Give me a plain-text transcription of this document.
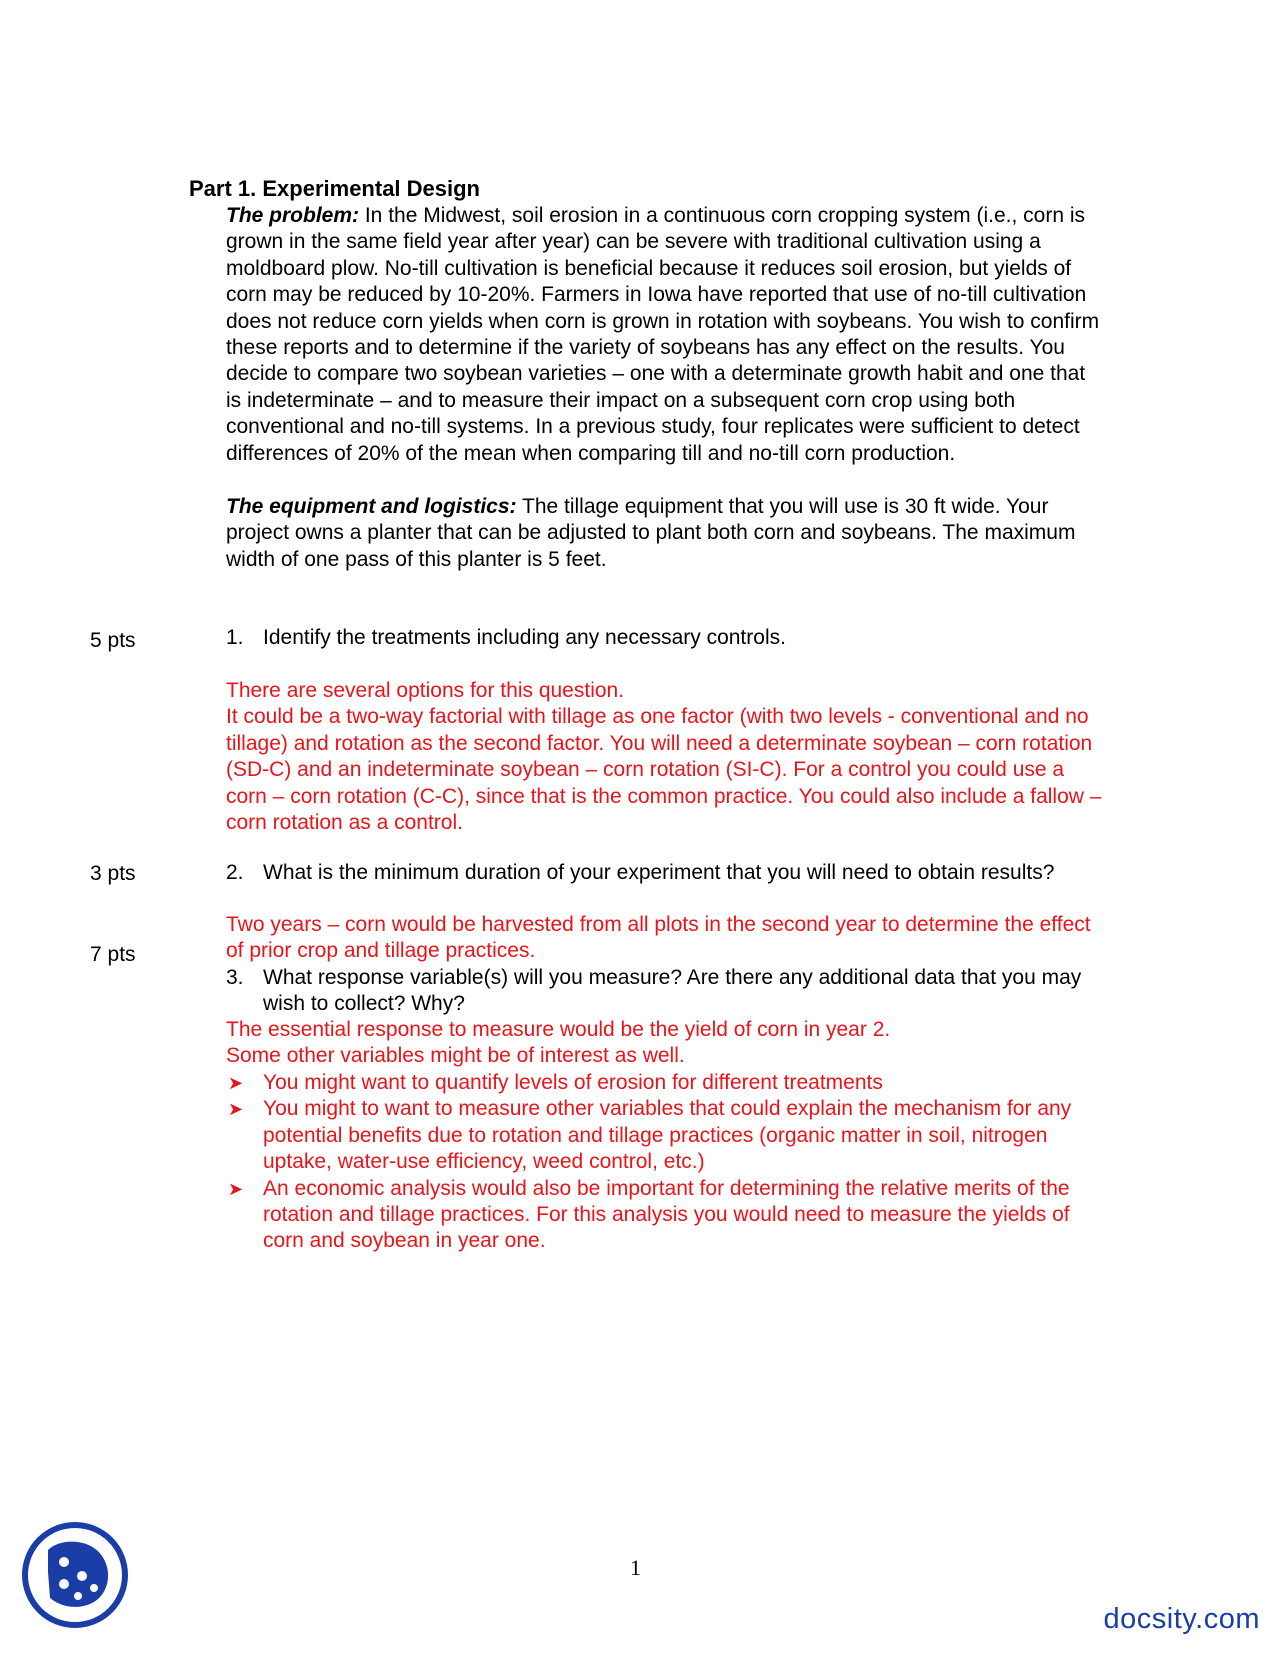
Part 1. Experimental Design
The problem: In the Midwest, soil erosion in a continuous corn cropping system (i.e., corn is grown in the same field year after year) can be severe with traditional cultivation using a moldboard plow. No-till cultivation is beneficial because it reduces soil erosion, but yields of corn may be reduced by 10-20%. Farmers in Iowa have reported that use of no-till cultivation does not reduce corn yields when corn is grown in rotation with soybeans. You wish to confirm these reports and to determine if the variety of soybeans has any effect on the results. You decide to compare two soybean varieties – one with a determinate growth habit and one that is indeterminate – and to measure their impact on a subsequent corn crop using both conventional and no-till systems. In a previous study, four replicates were sufficient to detect differences of 20% of the mean when comparing till and no-till corn production.
The equipment and logistics: The tillage equipment that you will use is 30 ft wide. Your project owns a planter that can be adjusted to plant both corn and soybeans. The maximum width of one pass of this planter is 5 feet.
5 pts	1. Identify the treatments including any necessary controls.
There are several options for this question.
It could be a two-way factorial with tillage as one factor (with two levels - conventional and no tillage) and rotation as the second factor. You will need a determinate soybean – corn rotation (SD-C) and an indeterminate soybean – corn rotation (SI-C). For a control you could use a corn – corn rotation (C-C), since that is the common practice. You could also include a fallow – corn rotation as a control.
3 pts	2. What is the minimum duration of your experiment that you will need to obtain results?
Two years – corn would be harvested from all plots in the second year to determine the effect of prior crop and tillage practices.
7 pts
3. What response variable(s) will you measure? Are there any additional data that you may wish to collect? Why?
The essential response to measure would be the yield of corn in year 2.
Some other variables might be of interest as well.
➤ You might want to quantify levels of erosion for different treatments
➤ You might to want to measure other variables that could explain the mechanism for any potential benefits due to rotation and tillage practices (organic matter in soil, nitrogen uptake, water-use efficiency, weed control, etc.)
➤ An economic analysis would also be important for determining the relative merits of the rotation and tillage practices. For this analysis you would need to measure the yields of corn and soybean in year one.
1
docsity.com
